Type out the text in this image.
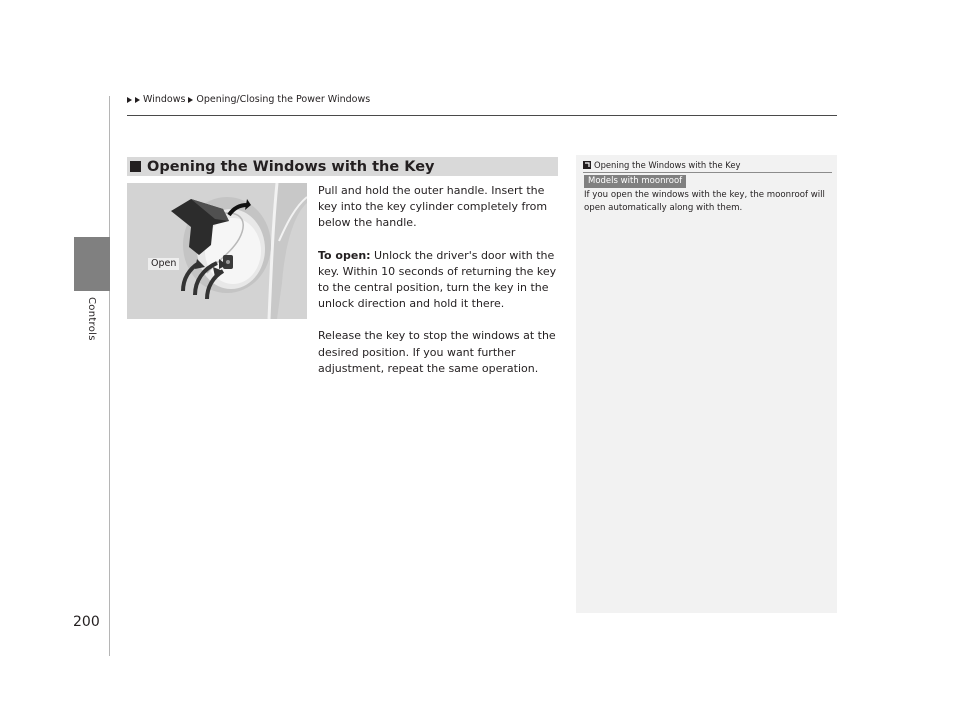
Controls
Windows Opening/Closing the Power Windows
Opening the Windows with the Key
Open

Pull and hold the outer handle. Insert the key into the key cylinder completely from below the handle.

To open: Unlock the driver's door with the key. Within 10 seconds of returning the key to the central position, turn the key in the unlock direction and hold it there.

Release the key to stop the windows at the desired position. If you want further adjustment, repeat the same operation.

Opening the Windows with the Key
Models with moonroof
If you open the windows with the key, the moonroof will open automatically along with them.
200
